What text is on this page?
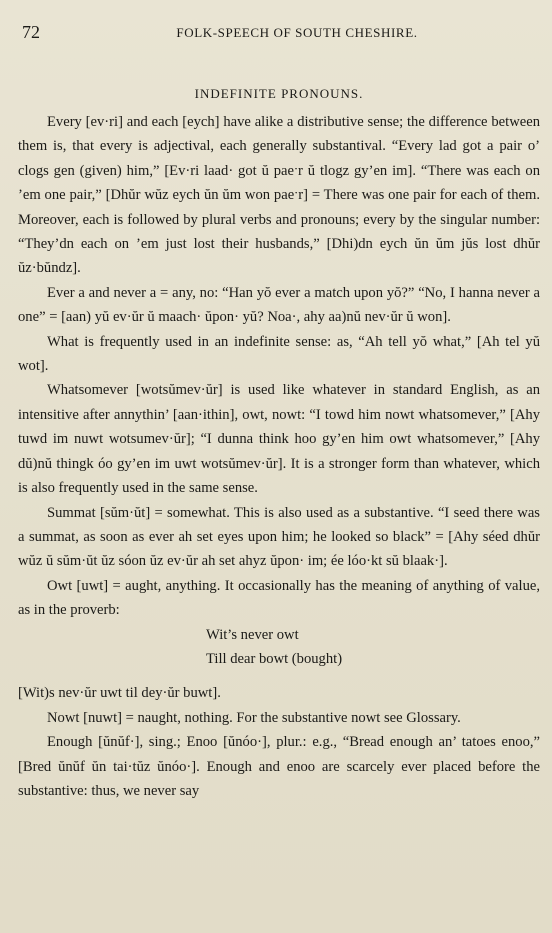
72	FOLK-SPEECH OF SOUTH CHESHIRE.
INDEFINITE PRONOUNS.

Every [ev·ri] and each [eych] have alike a distributive sense; the difference between them is, that every is adjectival, each generally substantival. “Every lad got a pair o’ clogs gen (given) him,” [Ev·ri laad· got ŭ paeˑr ŭ tlogz gy’en im]. “There was each on ’em one pair,” [Dhŭr wŭz eych ŭn ŭm won paeˑr] = There was one pair for each of them. Moreover, each is followed by plural verbs and pronouns; every by the singular number: “They’dn each on ’em just lost their husbands,” [Dhi)dn eych ŭn ŭm jŭs lost dhŭr ŭz·bŭndz].

Ever a and never a = any, no: “Han yŏ ever a match upon yŏ?” “No, I hanna never a one” = [aan) yŭ ev·ŭr ŭ maach· ŭpon· yŭ? Noa·, ahy aa)nŭ nev·ŭr ŭ won].

What is frequently used in an indefinite sense: as, “Ah tell yŏ what,” [Ah tel yŭ wot].

Whatsomever [wotsŭmev·ŭr] is used like whatever in standard English, as an intensitive after annythin’ [aan·ithin], owt, nowt: “I towd him nowt whatsomever,” [Ahy tuwd im nuwt wotsumev·ŭr]; “I dunna think hoo gy’en him owt whatsomever,” [Ahy dŭ)nŭ thingk óo gy’en im uwt wotsŭmev·ŭr]. It is a stronger form than whatever, which is also frequently used in the same sense.

Summat [sŭm·ŭt] = somewhat. This is also used as a substantive. “I seed there was a summat, as soon as ever ah set eyes upon him; he looked so black” = [Ahy séed dhŭr wŭz ŭ sŭm·ŭt ŭz sóon ŭz ev·ŭr ah set ahyz ŭpon· im; ée lóo·kt sŭ blaak·].

Owt [uwt] = aught, anything. It occasionally has the meaning of anything of value, as in the proverb:

Wit’s never owt

Till dear bowt (bought)

[Wit)s nev·ŭr uwt til dey·ŭr buwt].

Nowt [nuwt] = naught, nothing. For the substantive nowt see Glossary.

Enough [ŭnŭf·], sing.; Enoo [ŭnóo·], plur.: e.g., “Bread enough an’ tatoes enoo,” [Bred ŭnŭf ŭn tai·tŭz ŭnóo·]. Enough and enoo are scarcely ever placed before the substantive: thus, we never say
